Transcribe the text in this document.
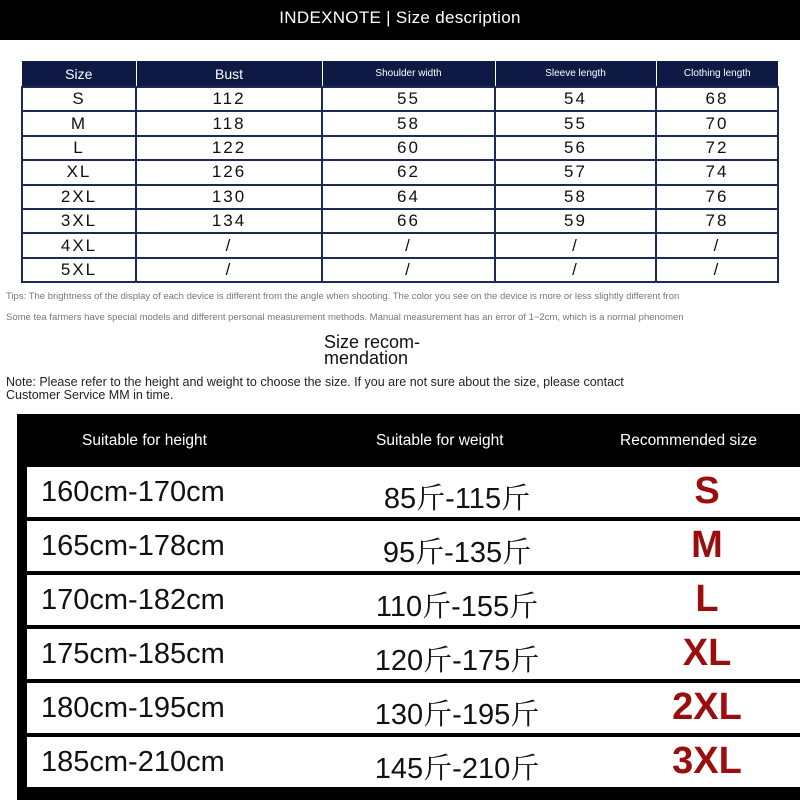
INDEXNOTE | Size description
Size	Bust	Shoulder width	Sleeve length	Clothing length
S	112	55	54	68
M	118	58	55	70
L	122	60	56	72
XL	126	62	57	74
2XL	130	64	58	76
3XL	134	66	59	78
4XL	/	/	/	/
5XL	/	/	/	/
Tips: The brightness of the display of each device is different from the angle when shooting. The color you see on the device is more or less slightly different fron
Some tea farmers have special models and different personal measurement methods. Manual measurement has an error of 1~2cm, which is a normal phenomen
Size recom-
mendation
Note: Please refer to the height and weight to choose the size. If you are not sure about the size, please contact
Customer Service MM in time.
Suitable for height	Suitable for weight	Recommended size
160cm-170cm	85斤-115斤	S
165cm-178cm	95斤-135斤	M
170cm-182cm	110斤-155斤	L
175cm-185cm	120斤-175斤	XL
180cm-195cm	130斤-195斤	2XL
185cm-210cm	145斤-210斤	3XL
